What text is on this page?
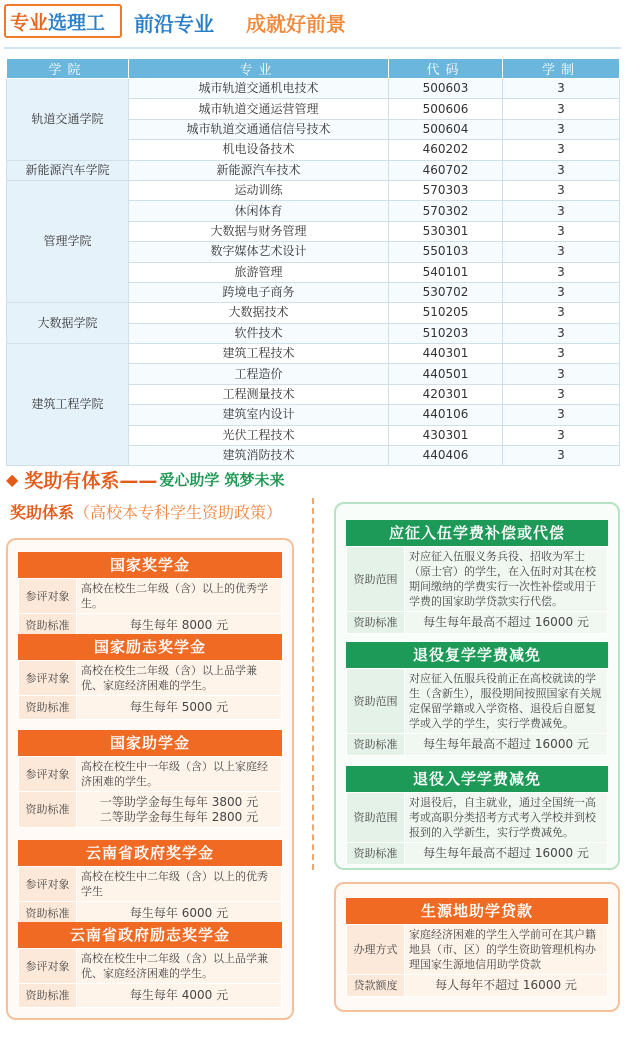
专业 选理工 前沿专业 成就好前景
学院	专业	代码	学制
轨道交通学院	城市轨道交通机电技术	500603	3
	城市轨道交通运营管理	500606	3
	城市轨道交通通信信号技术	500604	3
	机电设备技术	460202	3
新能源汽车学院	新能源汽车技术	460702	3
管理学院	运动训练	570303	3
	休闲体育	570302	3
	大数据与财务管理	530301	3
	数字媒体艺术设计	550103	3
	旅游管理	540101	3
	跨境电子商务	530702	3
大数据学院	大数据技术	510205	3
	软件技术	510203	3
建筑工程学院	建筑工程技术	440301	3
	工程造价	440501	3
	工程测量技术	420301	3
	建筑室内设计	440106	3
	光伏工程技术	430301	3
	建筑消防技术	440406	3
◆ 奖助有体系—— 爱心助学 筑梦未来
奖助体系（高校本专科学生资助政策）
国家奖学金
参评对象	高校在校生二年级（含）以上的优秀学生。
资助标准	每生每年 8000 元
国家励志奖学金
参评对象	高校在校生二年级（含）以上品学兼优、家庭经济困难的学生。
资助标准	每生每年 5000 元
国家助学金
参评对象	高校在校生中一年级（含）以上家庭经济困难的学生。
资助标准	一等助学金每生每年 3800 元
二等助学金每生每年 2800 元
云南省政府奖学金
参评对象	高校在校生中二年级（含）以上的优秀学生
资助标准	每生每年 6000 元
云南省政府励志奖学金
参评对象	高校在校生中二年级（含）以上品学兼优、家庭经济困难的学生。
资助标准	每生每年 4000 元
应征入伍学费补偿或代偿
资助范围	对应征入伍服义务兵役、招收为军士（原士官）的学生，在入伍时对其在校期间缴纳的学费实行一次性补偿或用于学费的国家助学贷款实行代偿。
资助标准	每生每年最高不超过 16000 元
退役复学学费减免
资助范围	对应征入伍服兵役前正在高校就读的学生（含新生），服役期间按照国家有关规定保留学籍或入学资格、退役后自愿复学或入学的学生，实行学费减免。
资助标准	每生每年最高不超过 16000 元
退役入学学费减免
资助范围	对退役后，自主就业，通过全国统一高考或高职分类招考方式考入学校并到校报到的入学新生，实行学费减免。
资助标准	每生每年最高不超过 16000 元
生源地助学贷款
办理方式	家庭经济困难的学生入学前可在其户籍地县（市、区）的学生资助管理机构办理国家生源地信用助学贷款
贷款额度	每人每年不超过 16000 元
